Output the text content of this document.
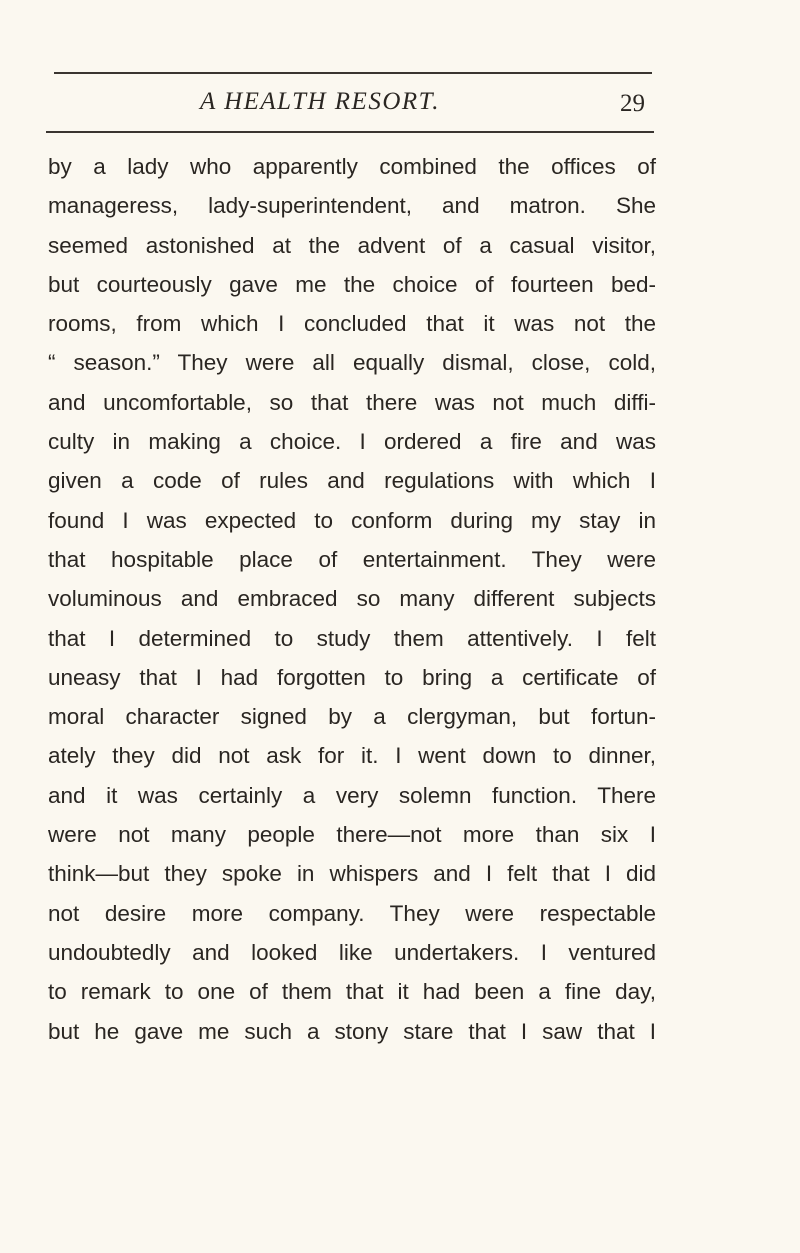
A HEALTH RESORT.	29
by a lady who apparently combined the offices of
manageress, lady-superintendent, and matron. She
seemed astonished at the advent of a casual visitor,
but courteously gave me the choice of fourteen bed-
rooms, from which I concluded that it was not the
“ season.” They were all equally dismal, close, cold,
and uncomfortable, so that there was not much diffi-
culty in making a choice. I ordered a fire and was
given a code of rules and regulations with which I
found I was expected to conform during my stay in
that hospitable place of entertainment. They were
voluminous and embraced so many different subjects
that I determined to study them attentively. I felt
uneasy that I had forgotten to bring a certificate of
moral character signed by a clergyman, but fortun-
ately they did not ask for it. I went down to dinner,
and it was certainly a very solemn function. There
were not many people there—not more than six I
think—but they spoke in whispers and I felt that I did
not desire more company. They were respectable
undoubtedly and looked like undertakers. I ventured
to remark to one of them that it had been a fine day,
but he gave me such a stony stare that I saw that I
